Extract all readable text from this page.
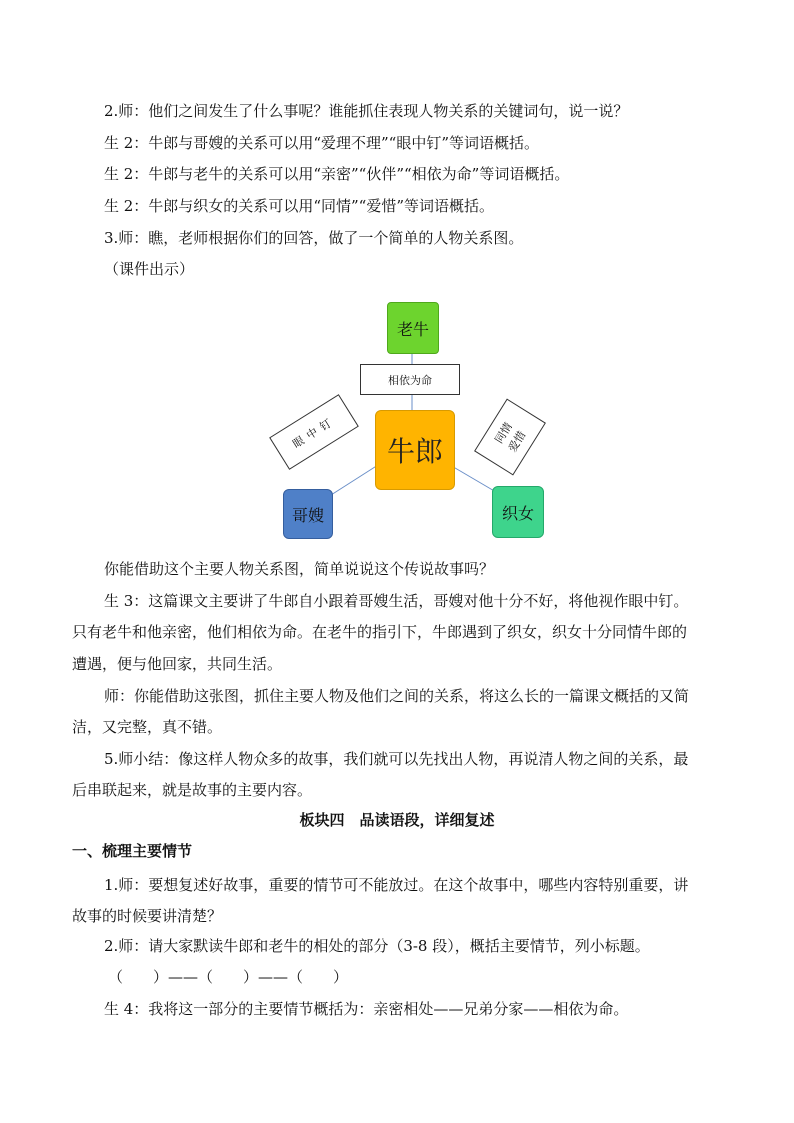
2.师：他们之间发生了什么事呢？谁能抓住表现人物关系的关键词句，说一说？
生 2：牛郎与哥嫂的关系可以用“爱理不理”“眼中钉”等词语概括。
生 2：牛郎与老牛的关系可以用“亲密”“伙伴”“相依为命”等词语概括。
生 2：牛郎与织女的关系可以用“同情”“爱惜”等词语概括。
3.师：瞧，老师根据你们的回答，做了一个简单的人物关系图。
（课件出示）
老牛
相依为命
眼中钉	同情
爱惜
牛郎
哥嫂	织女
你能借助这个主要人物关系图，简单说说这个传说故事吗？
生 3：这篇课文主要讲了牛郎自小跟着哥嫂生活，哥嫂对他十分不好，将他视作眼中钉。
只有老牛和他亲密，他们相依为命。在老牛的指引下，牛郎遇到了织女，织女十分同情牛郎的
遭遇，便与他回家，共同生活。
师：你能借助这张图，抓住主要人物及他们之间的关系，将这么长的一篇课文概括的又简
洁，又完整，真不错。
5.师小结：像这样人物众多的故事，我们就可以先找出人物，再说清人物之间的关系，最
后串联起来，就是故事的主要内容。
板块四　品读语段，详细复述
一、梳理主要情节
1.师：要想复述好故事，重要的情节可不能放过。在这个故事中，哪些内容特别重要，讲
故事的时候要讲清楚？
2.师：请大家默读牛郎和老牛的相处的部分（3-8 段），概括主要情节，列小标题。
（　　）——（　　）——（　　）
生 4：我将这一部分的主要情节概括为：亲密相处——兄弟分家——相依为命。
